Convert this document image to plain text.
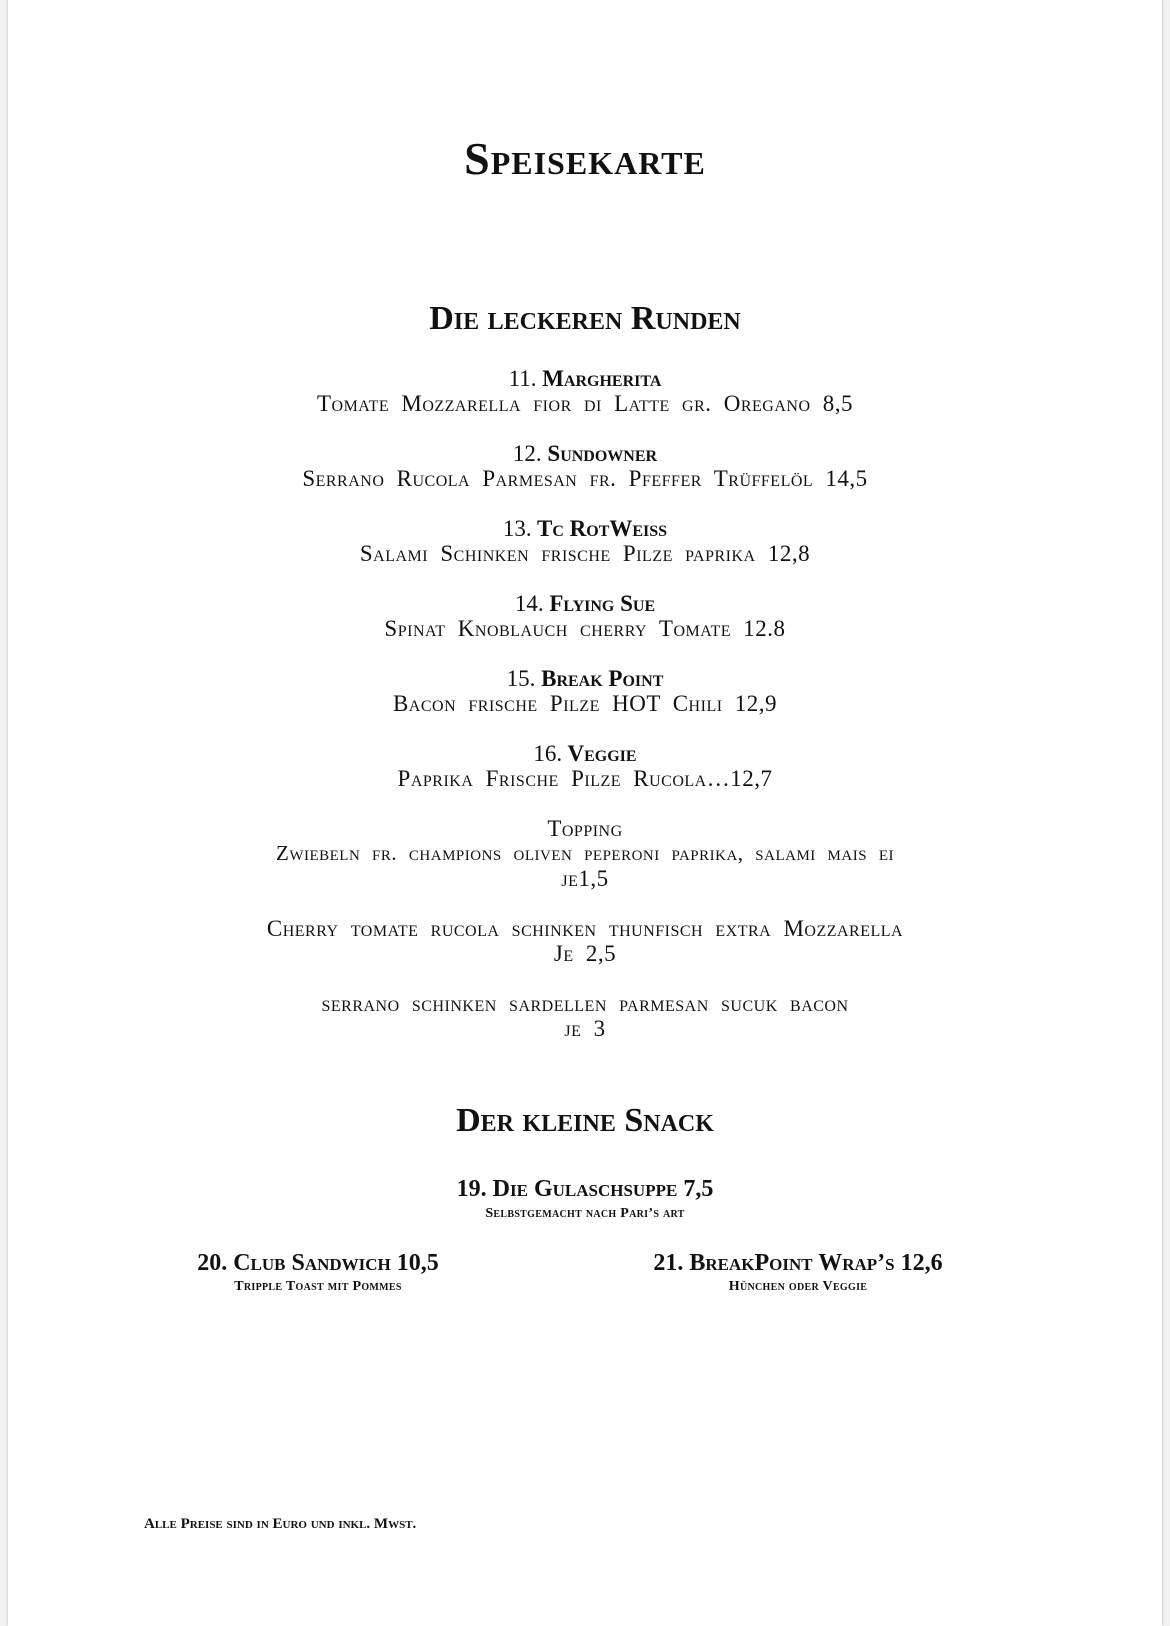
Speisekarte
Die leckeren Runden
11. Margherita
Tomate Mozzarella fior di Latte gr. Oregano 8,5
12. Sundowner
Serrano Rucola Parmesan fr. Pfeffer Trüffelöl 14,5
13. Tc RotWeiss
Salami Schinken frische Pilze paprika 12,8
14. Flying Sue
Spinat Knoblauch cherry Tomate 12.8
15. Break Point
Bacon frische Pilze HOT Chili 12,9
16. Veggie
Paprika Frische Pilze Rucola…12,7
Topping
Zwiebeln fr. champions oliven peperoni paprika, salami mais ei
je1,5
Cherry tomate rucola schinken thunfisch extra Mozzarella
Je 2,5
serrano schinken sardellen parmesan sucuk bacon
je 3
Der kleine Snack
19. Die Gulaschsuppe 7,5
Selbstgemacht nach Pari’s art
20. Club Sandwich 10,5
Tripple Toast mit Pommes
21. BreakPoint Wrap’s 12,6
Hünchen oder Veggie
Alle Preise sind in Euro und inkl. Mwst.
